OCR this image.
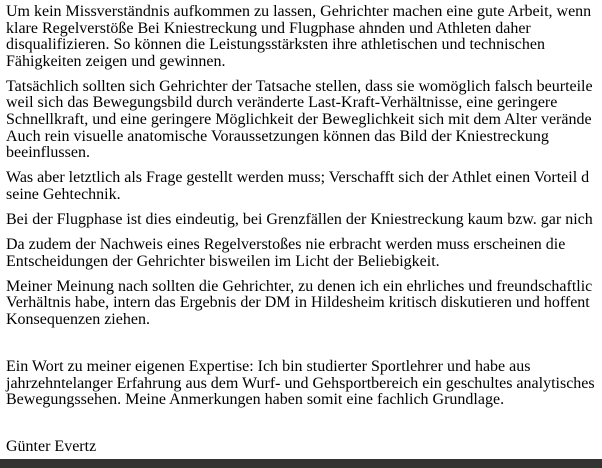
Um kein Missverständnis aufkommen zu lassen, Gehrichter machen eine gute Arbeit, wenn
klare Regelverstöße Bei Kniestreckung und Flugphase ahnden und Athleten daher
disqualifizieren. So können die Leistungsstärksten ihre athletischen und technischen
Fähigkeiten zeigen und gewinnen.

Tatsächlich sollten sich Gehrichter der Tatsache stellen, dass sie womöglich falsch beurteile
weil sich das Bewegungsbild durch veränderte Last-Kraft-Verhältnisse, eine geringere
Schnellkraft, und eine geringere Möglichkeit der Beweglichkeit sich mit dem Alter verände
Auch rein visuelle anatomische Voraussetzungen können das Bild der Kniestreckung
beeinflussen.

Was aber letztlich als Frage gestellt werden muss; Verschafft sich der Athlet einen Vorteil d
seine Gehtechnik.

Bei der Flugphase ist dies eindeutig, bei Grenzfällen der Kniestreckung kaum bzw. gar nich

Da zudem der Nachweis eines Regelverstoßes nie erbracht werden muss erscheinen die
Entscheidungen der Gehrichter bisweilen im Licht der Beliebigkeit.

Meiner Meinung nach sollten die Gehrichter, zu denen ich ein ehrliches und freundschaftlic
Verhältnis habe, intern das Ergebnis der DM in Hildesheim kritisch diskutieren und hoffent
Konsequenzen ziehen.

Ein Wort zu meiner eigenen Expertise: Ich bin studierter Sportlehrer und habe aus
jahrzehntelanger Erfahrung aus dem Wurf- und Gehsportbereich ein geschultes analytisches
Bewegungssehen. Meine Anmerkungen haben somit eine fachlich Grundlage.

Günter Evertz
